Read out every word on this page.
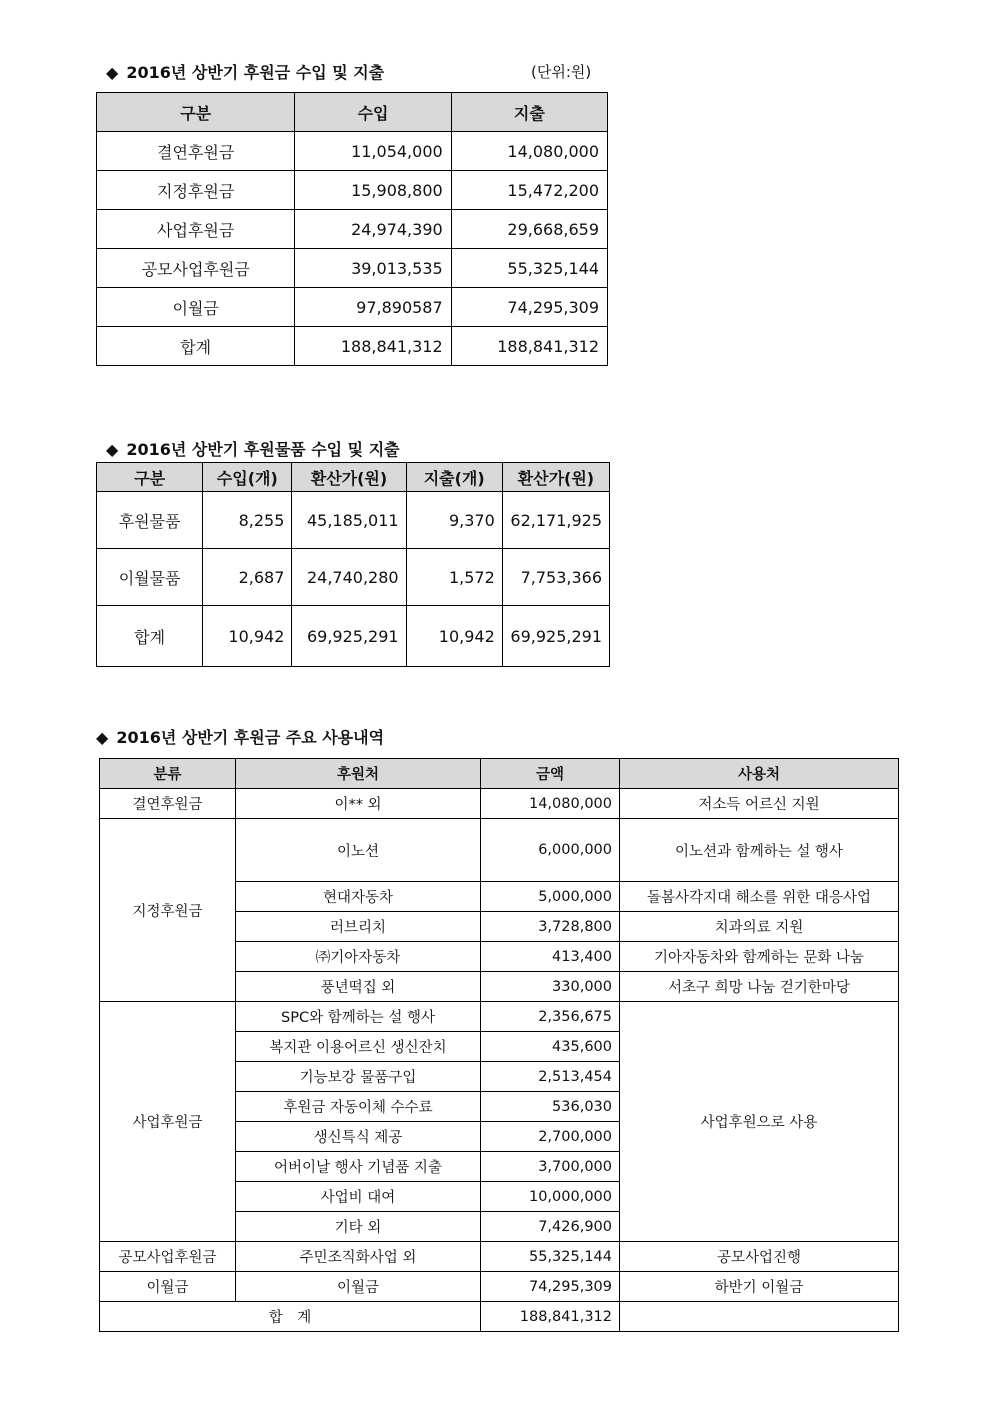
◆ 2016년 상반기 후원금 수입 및 지출	(단위:원)
구분	수입	지출
결연후원금	11,054,000	14,080,000
지정후원금	15,908,800	15,472,200
사업후원금	24,974,390	29,668,659
공모사업후원금	39,013,535	55,325,144
이월금	97,890587	74,295,309
합계	188,841,312	188,841,312
◆ 2016년 상반기 후원물품 수입 및 지출
구분	수입(개)	환산가(원)	지출(개)	환산가(원)
후원물품	8,255	45,185,011	9,370	62,171,925
이월물품	2,687	24,740,280	1,572	7,753,366
합계	10,942	69,925,291	10,942	69,925,291
◆ 2016년 상반기 후원금 주요 사용내역
분류	후원처	금액	사용처
결연후원금	이** 외	14,080,000	저소득 어르신 지원
지정후원금	이노션	6,000,000	이노션과 함께하는 설 행사
	현대자동차	5,000,000	돌봄사각지대 해소를 위한 대응사업
	러브리치	3,728,800	치과의료 지원
	㈜기아자동차	413,400	기아자동차와 함께하는 문화 나눔
	풍년떡집 외	330,000	서초구 희망 나눔 걷기한마당
사업후원금	SPC와 함께하는 설 행사	2,356,675	사업후원으로 사용
	복지관 이용어르신 생신잔치	435,600	
	기능보강 물품구입	2,513,454	
	후원금 자동이체 수수료	536,030	
	생신특식 제공	2,700,000	
	어버이날 행사 기념품 지출	3,700,000	
	사업비 대여	10,000,000	
	기타 외	7,426,900	
공모사업후원금	주민조직화사업 외	55,325,144	공모사업진행
이월금	이월금	74,295,309	하반기 이월금
합　계		188,841,312	
